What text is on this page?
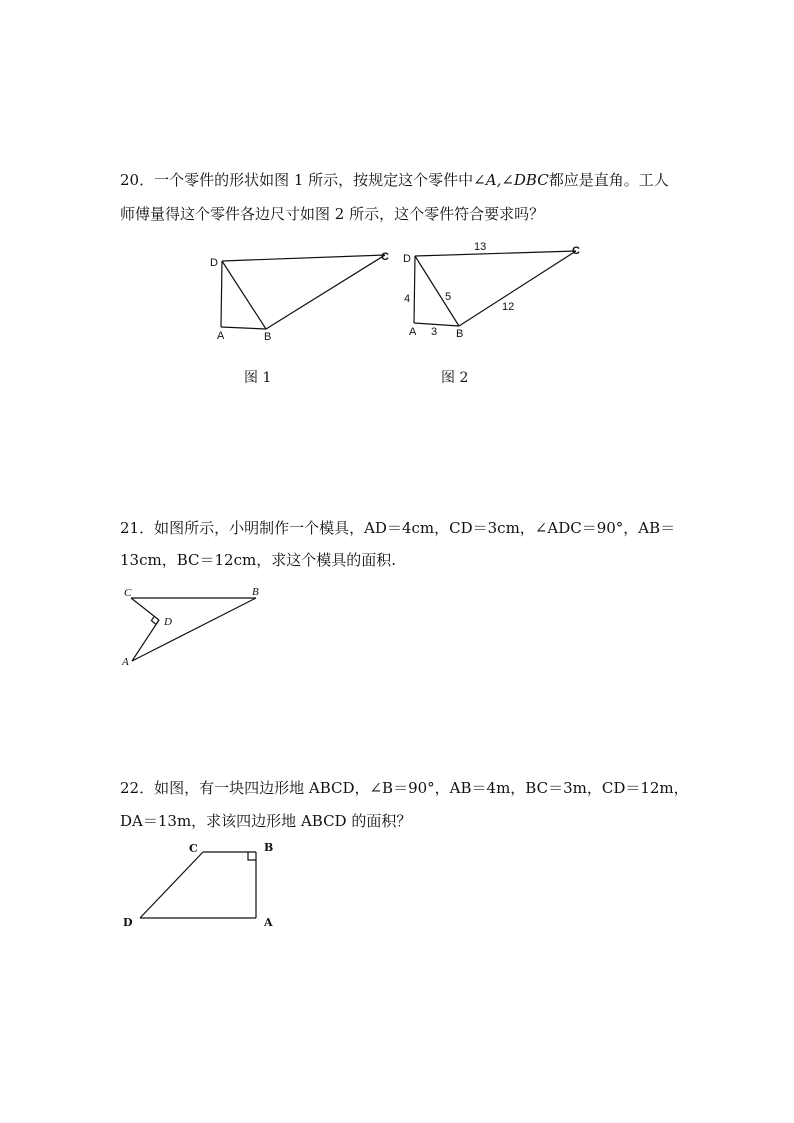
20．一个零件的形状如图 1 所示，按规定这个零件中∠A,∠DBC都应是直角。工人
师傅量得这个零件各边尺寸如图 2 所示，这个零件符合要求吗？
D	C
A	B
图 1
D
C
A	B
13
4	5
12
3
图 2
C	B
D
A
C	B
D	A
21．如图所示，小明制作一个模具，AD＝4cm，CD＝3cm，∠ADC＝90°，AB＝
13cm，BC＝12cm，求这个模具的面积.
22．如图，有一块四边形地 ABCD，∠B＝90°，AB＝4m，BC＝3m，CD＝12m，
DA＝13m，求该四边形地 ABCD 的面积？
